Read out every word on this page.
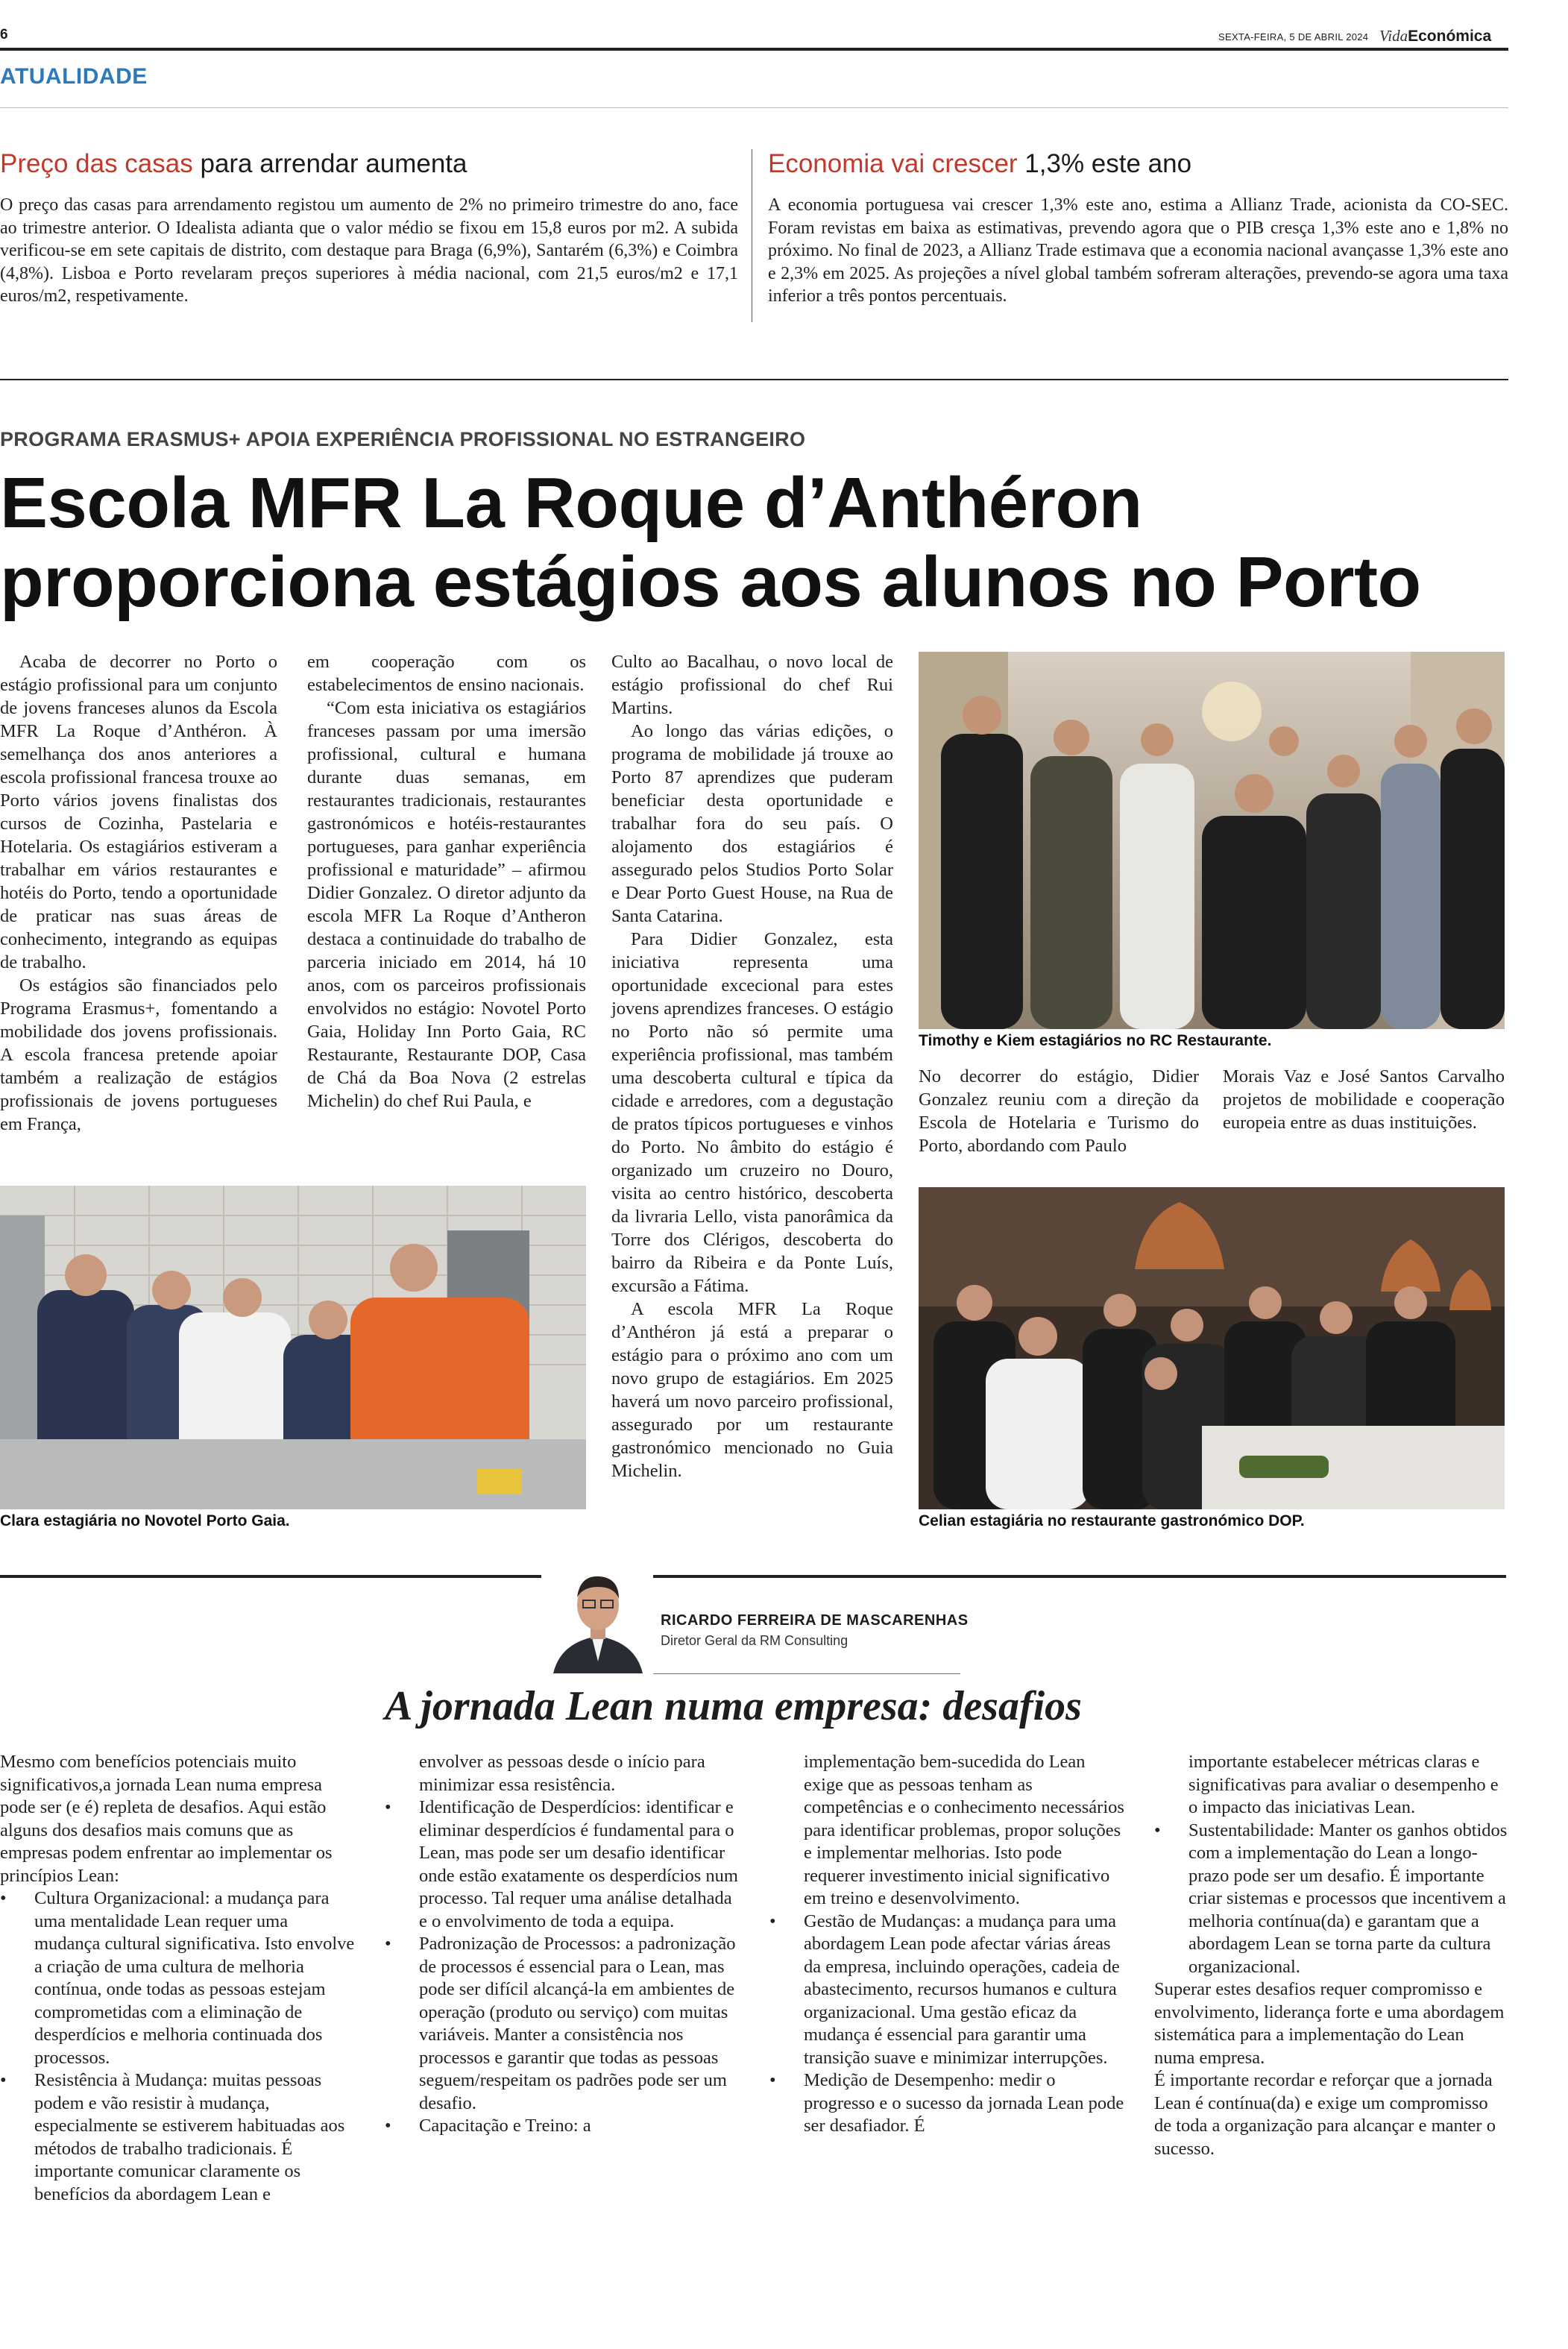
6	SEXTA-FEIRA, 5 DE ABRIL 2024 VidaEconómica
ATUALIDADE
Preço das casas para arrendar aumenta
O preço das casas para arrendamento registou um aumento de 2% no primeiro trimestre do ano, face ao trimestre anterior. O Idealista adianta que o valor médio se fixou em 15,8 euros por m2. A subida verificou-se em sete capitais de distrito, com destaque para Braga (6,9%), Santarém (6,3%) e Coimbra (4,8%). Lisboa e Porto revelaram preços superiores à média nacional, com 21,5 euros/m2 e 17,1 euros/m2, respetivamente.
Economia vai crescer 1,3% este ano
A economia portuguesa vai crescer 1,3% este ano, estima a Allianz Trade, acionista da CO-SEC. Foram revistas em baixa as estimativas, prevendo agora que o PIB cresça 1,3% este ano e 1,8% no próximo. No final de 2023, a Allianz Trade estimava que a economia nacional avançasse 1,3% este ano e 2,3% em 2025. As projeções a nível global também sofreram alterações, prevendo-se agora uma taxa inferior a três pontos percentuais.
PROGRAMA ERASMUS+ APOIA EXPERIÊNCIA PROFISSIONAL NO ESTRANGEIRO
Escola MFR La Roque d’Anthéron
proporciona estágios aos alunos no Porto

Acaba de decorrer no Porto o estágio profissional para um conjunto de jovens franceses alunos da Escola MFR La Roque d’Anthéron. À semelhança dos anos anteriores a escola profissional francesa trouxe ao Porto vários jovens finalistas dos cursos de Cozinha, Pastelaria e Hotelaria. Os estagiários estiveram a trabalhar em vários restaurantes e hotéis do Porto, tendo a oportunidade de praticar nas suas áreas de conhecimento, integrando as equipas de trabalho.

Os estágios são financiados pelo Programa Erasmus+, fomentando a mobilidade dos jovens profissionais. A escola francesa pretende apoiar também a realização de estágios profissionais de jovens portugueses em França,

em cooperação com os estabelecimentos de ensino nacionais.

“Com esta iniciativa os estagiários franceses passam por uma imersão profissional, cultural e humana durante duas semanas, em restaurantes tradicionais, restaurantes gastronómicos e hotéis-restaurantes portugueses, para ganhar experiência profissional e maturidade” – afirmou Didier Gonzalez. O diretor adjunto da escola MFR La Roque d’Antheron destaca a continuidade do trabalho de parceria iniciado em 2014, há 10 anos, com os parceiros profissionais envolvidos no estágio: Novotel Porto Gaia, Holiday Inn Porto Gaia, RC Restaurante, Restaurante DOP, Casa de Chá da Boa Nova (2 estrelas Michelin) do chef Rui Paula, e

Culto ao Bacalhau, o novo local de estágio profissional do chef Rui Martins.

Ao longo das várias edições, o programa de mobilidade já trouxe ao Porto 87 aprendizes que puderam beneficiar desta oportunidade e trabalhar fora do seu país. O alojamento dos estagiários é assegurado pelos Studios Porto Solar e Dear Porto Guest House, na Rua de Santa Catarina.

Para Didier Gonzalez, esta iniciativa representa uma oportunidade excecional para estes jovens aprendizes franceses. O estágio no Porto não só permite uma experiência profissional, mas também uma descoberta cultural e típica da cidade e arredores, com a degustação de pratos típicos portugueses e vinhos do Porto. No âmbito do estágio é organizado um cruzeiro no Douro, visita ao centro histórico, descoberta da livraria Lello, vista panorâmica da Torre dos Clérigos, descoberta do bairro da Ribeira e da Ponte Luís, excursão a Fátima.

A escola MFR La Roque d’Anthéron já está a preparar o estágio para o próximo ano com um novo grupo de estagiários. Em 2025 haverá um novo parceiro profissional, assegurado por um restaurante gastronómico mencionado no Guia Michelin.

Timothy e Kiem estagiários no RC Restaurante.
No decorrer do estágio, Didier Gonzalez reuniu com a direção da Escola de Hotelaria e Turismo do Porto, abordando com Paulo
Morais Vaz e José Santos Carvalho projetos de mobilidade e cooperação europeia entre as duas instituições.
Clara estagiária no Novotel Porto Gaia.	Celian estagiária no restaurante gastronómico DOP.
RICARDO FERREIRA DE MASCARENHAS
Diretor Geral da RM Consulting
A jornada Lean numa empresa: desafios

Mesmo com benefícios potenciais muito significativos,a jornada Lean numa empresa pode ser (e é) repleta de desafios. Aqui estão alguns dos desafios mais comuns que as empresas podem enfrentar ao implementar os princípios Lean:

• Cultura Organizacional: a mudança para uma mentalidade Lean requer uma mudança cultural significativa. Isto envolve a criação de uma cultura de melhoria contínua, onde todas as pessoas estejam comprometidas com a eliminação de desperdícios e melhoria continuada dos processos.
• Resistência à Mudança: muitas pessoas podem e vão resistir à mudança, especialmente se estiverem habituadas aos métodos de trabalho tradicionais. É importante comunicar claramente os benefícios da abordagem Lean e
envolver as pessoas desde o início para minimizar essa resistência.
• Identificação de Desperdícios: identificar e eliminar desperdícios é fundamental para o Lean, mas pode ser um desafio identificar onde estão exatamente os desperdícios num processo. Tal requer uma análise detalhada e o envolvimento de toda a equipa.
• Padronização de Processos: a padronização de processos é essencial para o Lean, mas pode ser difícil alcançá-la em ambientes de operação (produto ou serviço) com muitas variáveis. Manter a consistência nos processos e garantir que todas as pessoas seguem/respeitam os padrões pode ser um desafio.
• Capacitação e Treino: a
implementação bem-sucedida do Lean exige que as pessoas tenham as competências e o conhecimento necessários para identificar problemas, propor soluções e implementar melhorias. Isto pode requerer investimento inicial significativo em treino e desenvolvimento.
• Gestão de Mudanças: a mudança para uma abordagem Lean pode afectar várias áreas da empresa, incluindo operações, cadeia de abastecimento, recursos humanos e cultura organizacional. Uma gestão eficaz da mudança é essencial para garantir uma transição suave e minimizar interrupções.
• Medição de Desempenho: medir o progresso e o sucesso da jornada Lean pode ser desafiador. É
importante estabelecer métricas claras e significativas para avaliar o desempenho e o impacto das iniciativas Lean.
• Sustentabilidade: Manter os ganhos obtidos com a implementação do Lean a longo-prazo pode ser um desafio. É importante criar sistemas e processos que incentivem a melhoria contínua(da) e garantam que a abordagem Lean se torna parte da cultura organizacional.

Superar estes desafios requer compromisso e envolvimento, liderança forte e uma abordagem sistemática para a implementação do Lean numa empresa.

É importante recordar e reforçar que a jornada Lean é contínua(da) e exige um compromisso de toda a organização para alcançar e manter o sucesso.
